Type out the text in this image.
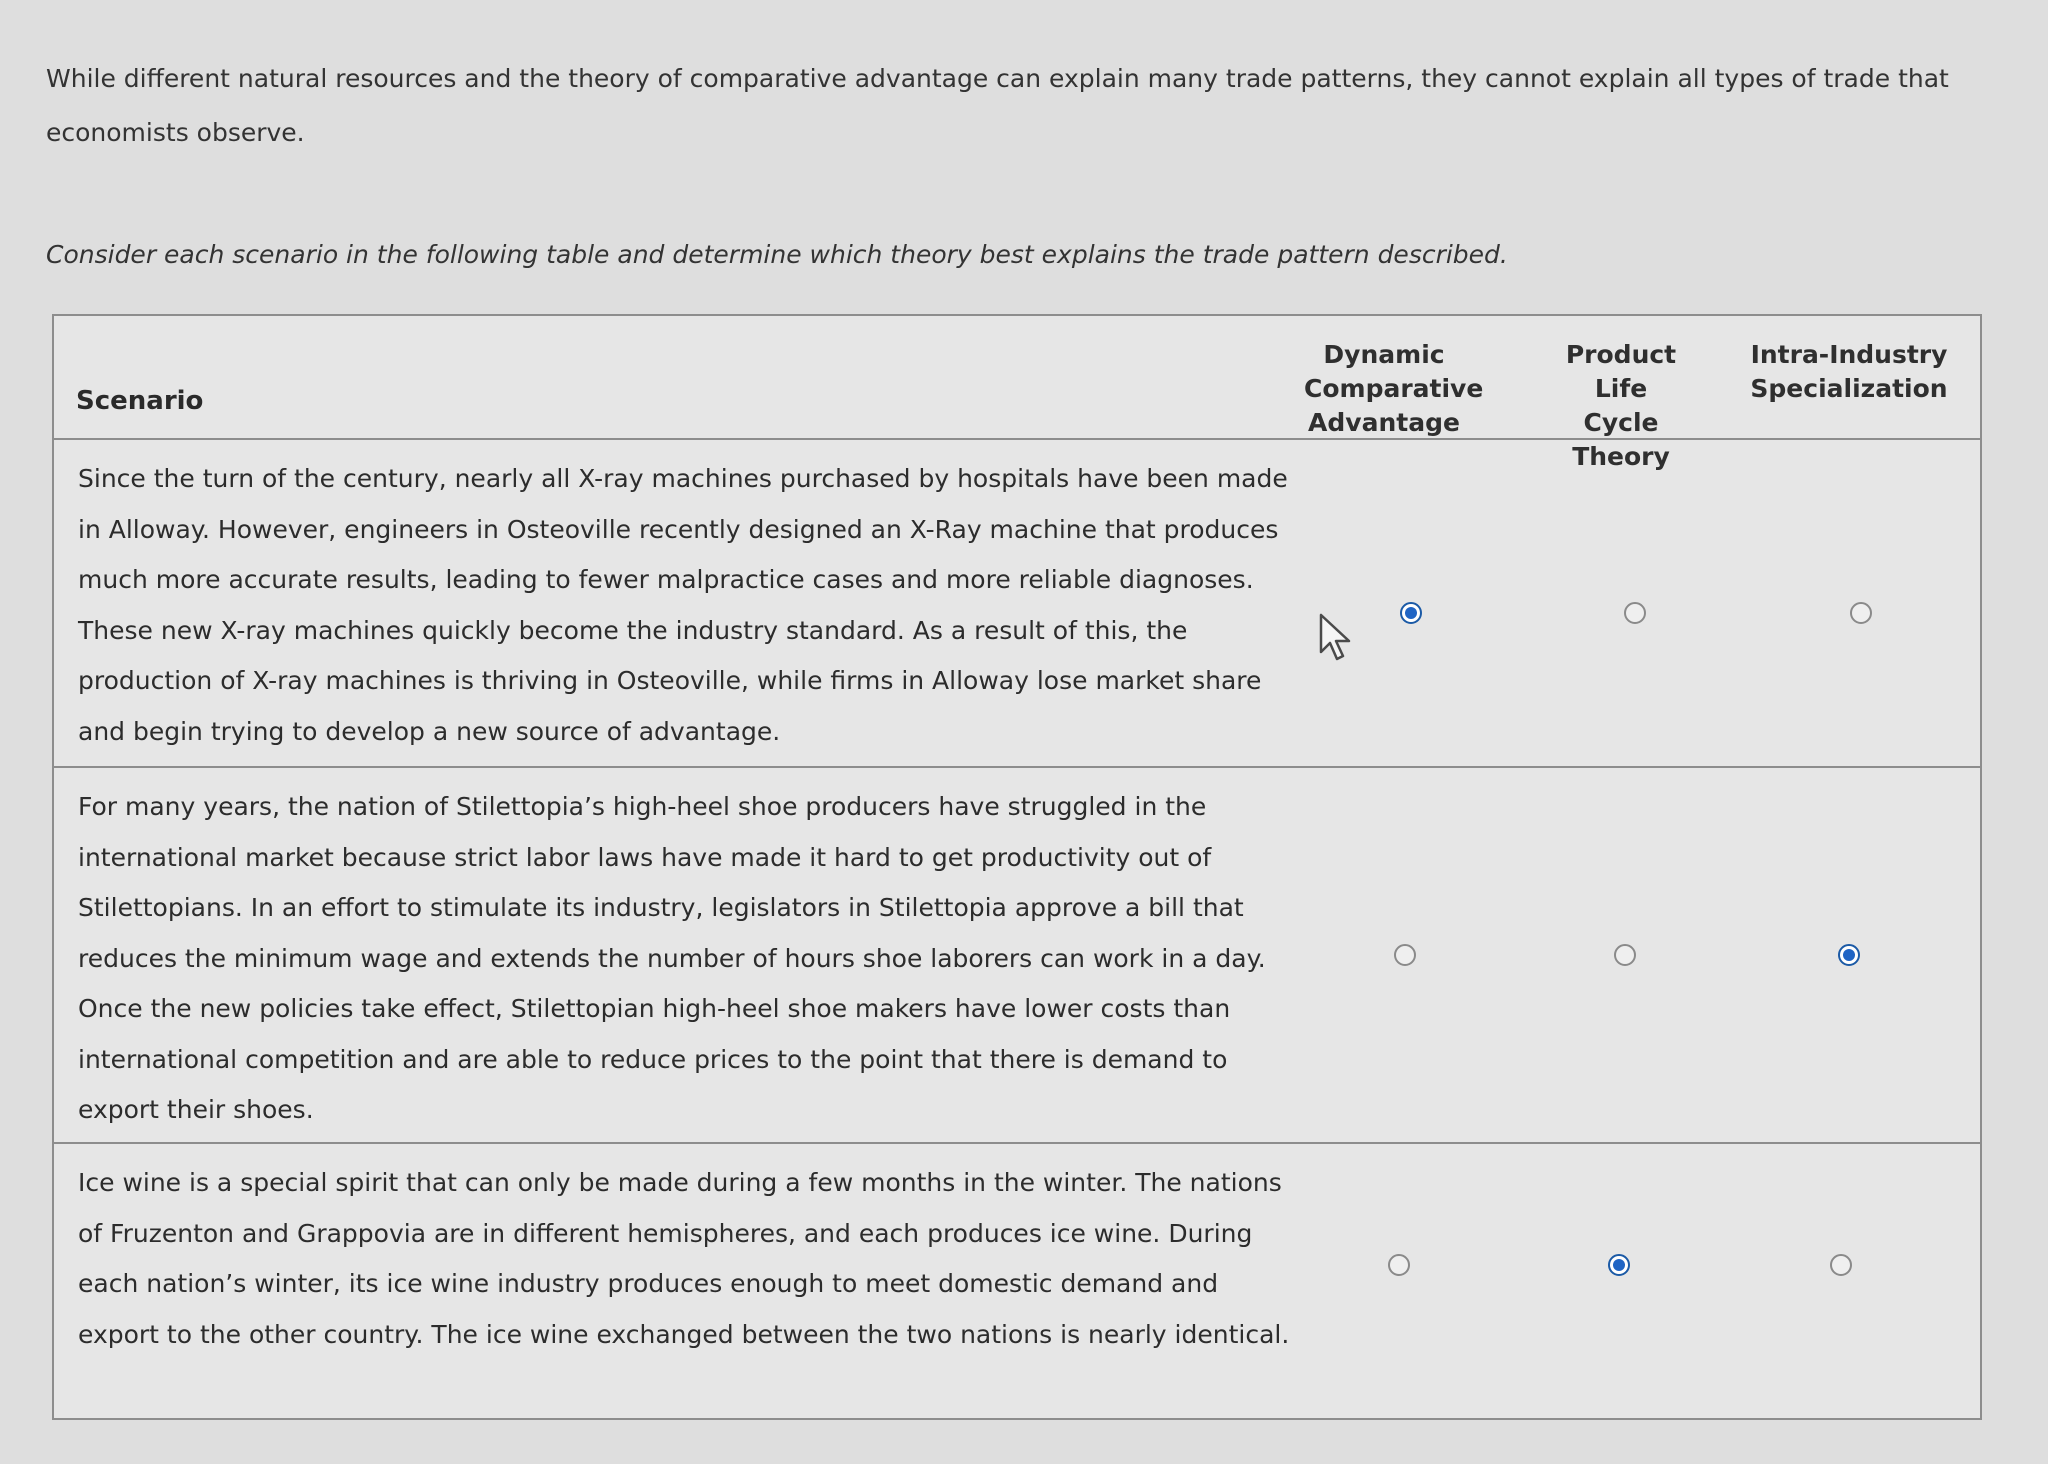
While different natural resources and the theory of comparative advantage can explain many trade patterns, they cannot explain all types of trade that economists observe.
Consider each scenario in the following table and determine which theory best explains the trade pattern described.
Scenario
Dynamic Comparative Advantage
Product Life Cycle Theory
Intra-Industry Specialization
Since the turn of the century, nearly all X-ray machines purchased by hospitals have been made in Alloway. However, engineers in Osteoville recently designed an X-Ray machine that produces much more accurate results, leading to fewer malpractice cases and more reliable diagnoses. These new X-ray machines quickly become the industry standard. As a result of this, the production of X-ray machines is thriving in Osteoville, while firms in Alloway lose market share and begin trying to develop a new source of advantage.
For many years, the nation of Stilettopia’s high-heel shoe producers have struggled in the international market because strict labor laws have made it hard to get productivity out of Stilettopians. In an effort to stimulate its industry, legislators in Stilettopia approve a bill that reduces the minimum wage and extends the number of hours shoe laborers can work in a day. Once the new policies take effect, Stilettopian high-heel shoe makers have lower costs than international competition and are able to reduce prices to the point that there is demand to export their shoes.
Ice wine is a special spirit that can only be made during a few months in the winter. The nations of Fruzenton and Grappovia are in different hemispheres, and each produces ice wine. During each nation’s winter, its ice wine industry produces enough to meet domestic demand and export to the other country. The ice wine exchanged between the two nations is nearly identical.
